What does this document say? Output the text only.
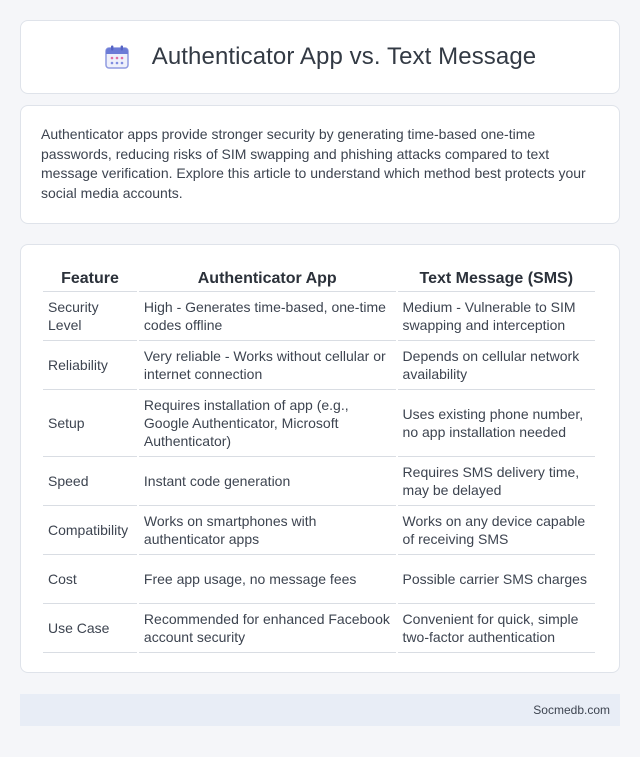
Authenticator App vs. Text Message

Authenticator apps provide stronger security by generating time-based one-time passwords, reducing risks of SIM swapping and phishing attacks compared to text message verification. Explore this article to understand which method best protects your social media accounts.

Feature	Authenticator App	Text Message (SMS)
Security Level	High - Generates time-based, one-time codes offline	Medium - Vulnerable to SIM swapping and interception
Reliability	Very reliable - Works without cellular or internet connection	Depends on cellular network availability
Setup	Requires installation of app (e.g., Google Authenticator, Microsoft Authenticator)	Uses existing phone number, no app installation needed
Speed	Instant code generation	Requires SMS delivery time, may be delayed
Compatibility	Works on smartphones with authenticator apps	Works on any device capable of receiving SMS
Cost	Free app usage, no message fees	Possible carrier SMS charges
Use Case	Recommended for enhanced Facebook account security	Convenient for quick, simple two-factor authentication
Socmedb.com
